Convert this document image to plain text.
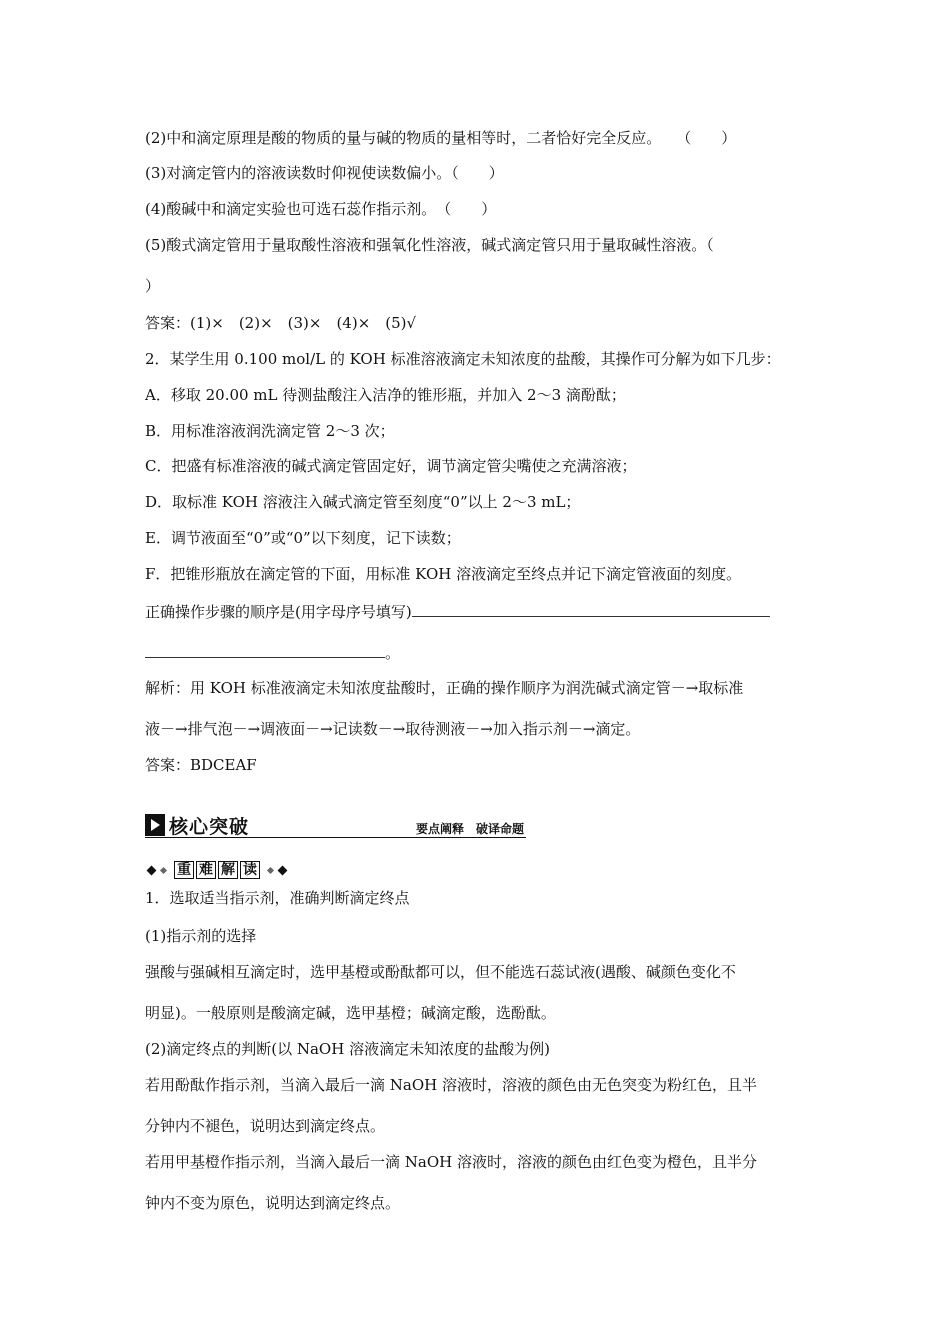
(2)中和滴定原理是酸的物质的量与碱的物质的量相等时，二者恰好完全反应。　　（　　）
(3)对滴定管内的溶液读数时仰视使读数偏小。（　　）
(4)酸碱中和滴定实验也可选石蕊作指示剂。　（　　）
(5)酸式滴定管用于量取酸性溶液和强氧化性溶液，碱式滴定管只用于量取碱性溶液。（
）
答案：(1)×　(2)×　(3)×　(4)×　(5)√
2．某学生用 0.100 mol/L 的 KOH 标准溶液滴定未知浓度的盐酸，其操作可分解为如下几步：
A．移取 20.00 mL 待测盐酸注入洁净的锥形瓶，并加入 2～3 滴酚酞；
B．用标准溶液润洗滴定管 2～3 次；
C．把盛有标准溶液的碱式滴定管固定好，调节滴定管尖嘴使之充满溶液；
D．取标准 KOH 溶液注入碱式滴定管至刻度“0”以上 2～3 mL；
E．调节液面至“0”或“0”以下刻度，记下读数；
F．把锥形瓶放在滴定管的下面，用标准 KOH 溶液滴定至终点并记下滴定管液面的刻度。
正确操作步骤的顺序是(用字母序号填写)
。
解析：用 KOH 标准液滴定未知浓度盐酸时，正确的操作顺序为润洗碱式滴定管－→取标准
液－→排气泡－→调液面－→记读数－→取待测液－→加入指示剂－→滴定。
答案：BDCEAF
核心突破	要点阐释　破译命题
重 难 解 读
1．选取适当指示剂，准确判断滴定终点
(1)指示剂的选择
强酸与强碱相互滴定时，选甲基橙或酚酞都可以，但不能选石蕊试液(遇酸、碱颜色变化不
明显)。一般原则是酸滴定碱，选甲基橙；碱滴定酸，选酚酞。
(2)滴定终点的判断(以 NaOH 溶液滴定未知浓度的盐酸为例)
若用酚酞作指示剂，当滴入最后一滴 NaOH 溶液时，溶液的颜色由无色突变为粉红色，且半
分钟内不褪色，说明达到滴定终点。
若用甲基橙作指示剂，当滴入最后一滴 NaOH 溶液时，溶液的颜色由红色变为橙色，且半分
钟内不变为原色，说明达到滴定终点。
